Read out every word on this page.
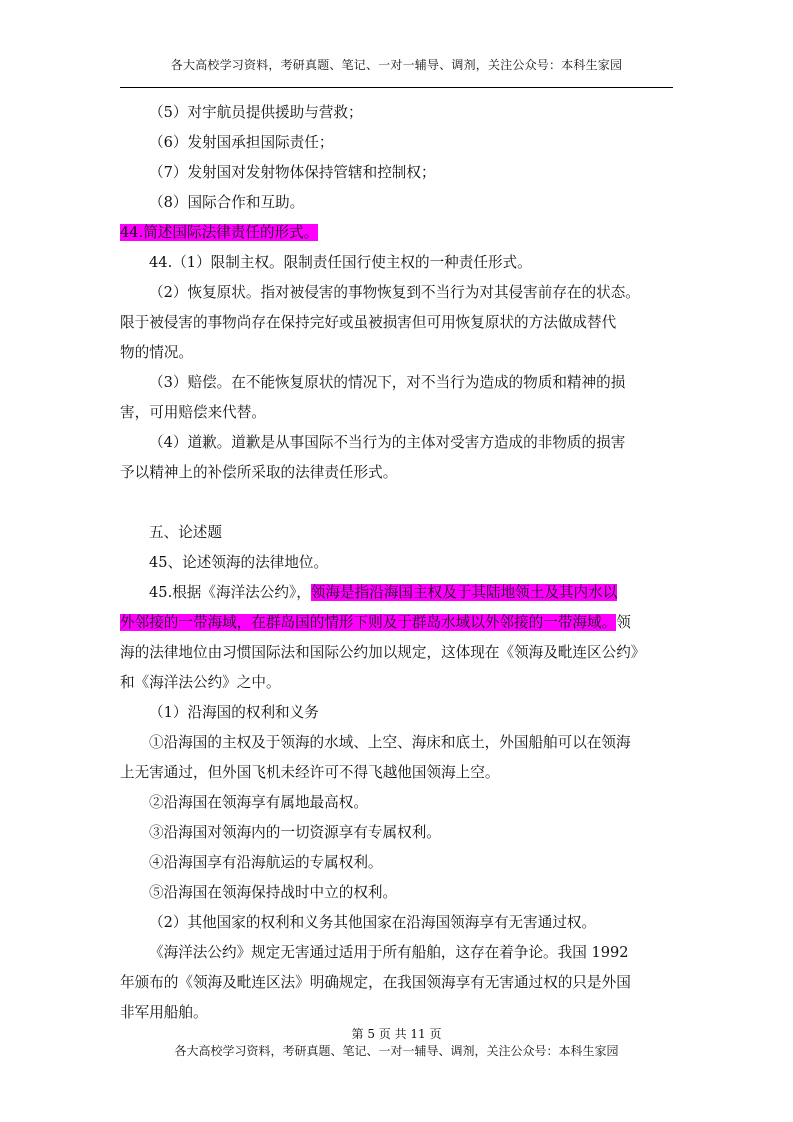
各大高校学习资料，考研真题、笔记、一对一辅导、调剂，关注公众号：本科生家园
（5）对宇航员提供援助与营救；
（6）发射国承担国际责任；
（7）发射国对发射物体保持管辖和控制权；
（8）国际合作和互助。
44.简述国际法律责任的形式。
44.（1）限制主权。限制责任国行使主权的一种责任形式。
（2）恢复原状。指对被侵害的事物恢复到不当行为对其侵害前存在的状态。
限于被侵害的事物尚存在保持完好或虽被损害但可用恢复原状的方法做成替代
物的情况。
（3）赔偿。在不能恢复原状的情况下，对不当行为造成的物质和精神的损
害，可用赔偿来代替。
（4）道歉。道歉是从事国际不当行为的主体对受害方造成的非物质的损害
予以精神上的补偿所采取的法律责任形式。
五、论述题
45、论述领海的法律地位。
45.根据《海洋法公约》，领海是指沿海国主权及于其陆地领土及其内水以
外邻接的一带海域，在群岛国的情形下则及于群岛水域以外邻接的一带海域。领
海的法律地位由习惯国际法和国际公约加以规定，这体现在《领海及毗连区公约》
和《海洋法公约》之中。
（1）沿海国的权利和义务
①沿海国的主权及于领海的水域、上空、海床和底土，外国船舶可以在领海
上无害通过，但外国飞机未经许可不得飞越他国领海上空。
②沿海国在领海享有属地最高权。
③沿海国对领海内的一切资源享有专属权利。
④沿海国享有沿海航运的专属权利。
⑤沿海国在领海保持战时中立的权利。
（2）其他国家的权利和义务其他国家在沿海国领海享有无害通过权。
《海洋法公约》规定无害通过适用于所有船舶，这存在着争论。我国 1992
年颁布的《领海及毗连区法》明确规定，在我国领海享有无害通过权的只是外国
非军用船舶。
第 5 页 共 11 页
各大高校学习资料，考研真题、笔记、一对一辅导、调剂，关注公众号：本科生家园
